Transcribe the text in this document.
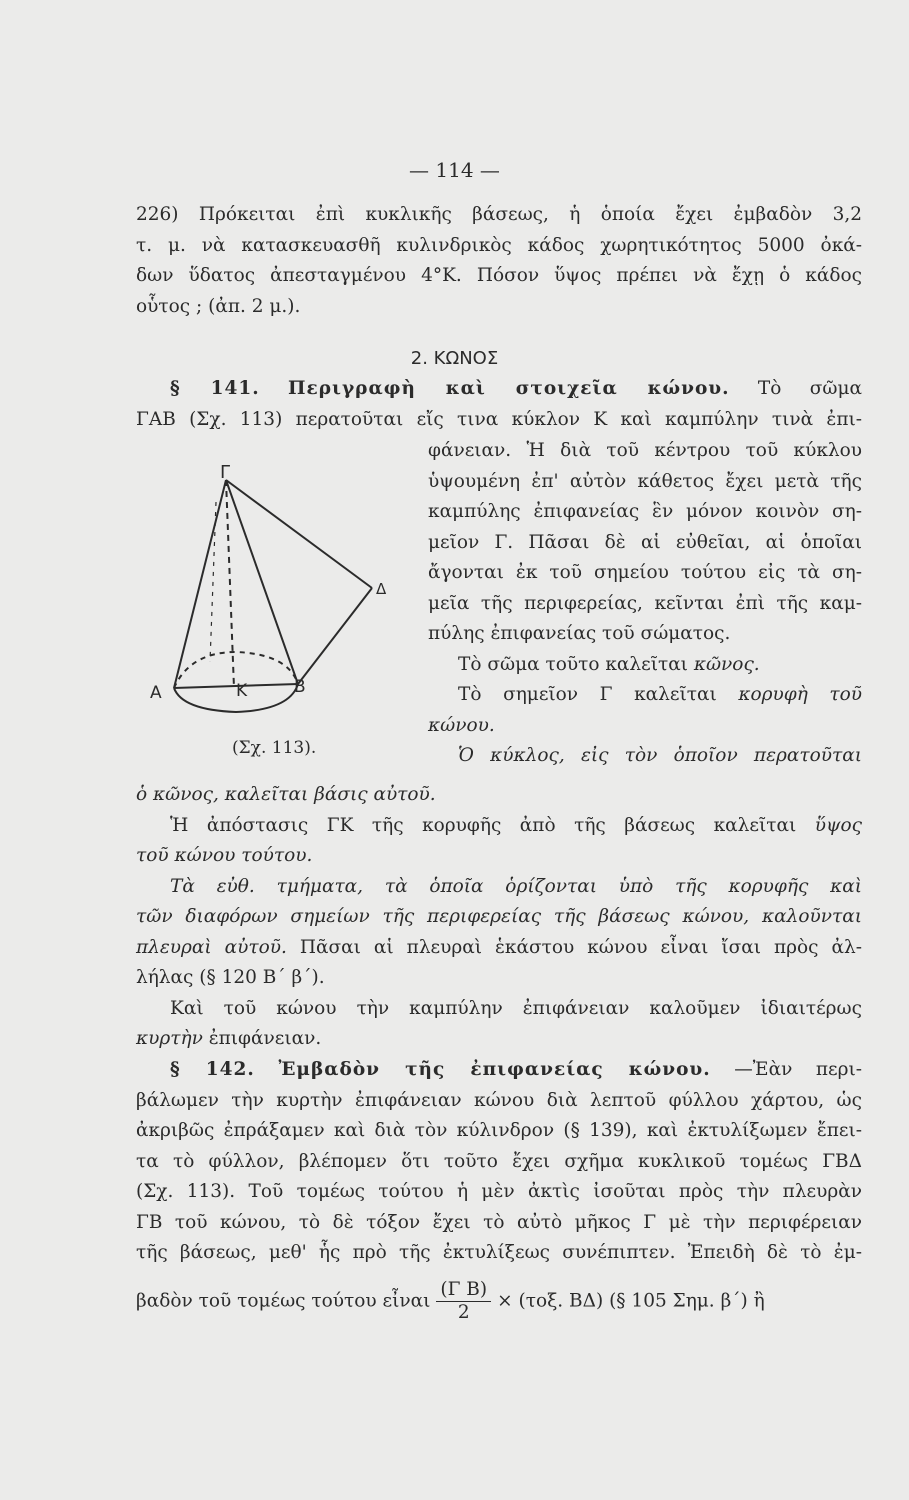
— 114 —
226) Πρόκειται ἐπὶ κυκλικῆς βάσεως, ἡ ὁποία ἔχει ἐμβαδὸν 3,2
τ. μ. νὰ κατασκευασθῆ κυλινδρικὸς κάδος χωρητικότητος 5000 ὀκά-
δων ὕδατος ἀπεσταγμένου 4°Κ. Πόσον ὕψος πρέπει νὰ ἔχῃ ὁ κάδος
οὗτος ; (ἀπ. 2 μ.).
2. ΚΩΝΟΣ
§ 141. Περιγραφὴ καὶ στοιχεῖα κώνου. Τὸ σῶμα
ΓΑΒ (Σχ. 113) περατοῦται εἴς τινα κύκλον Κ καὶ καμπύλην τινὰ ἐπι-
φάνειαν. Ἡ διὰ τοῦ κέντρου τοῦ κύκλου
ὑψουμένη ἐπ' αὐτὸν κάθετος ἔχει μετὰ τῆς
καμπύλης ἐπιφανείας ἓν μόνον κοινὸν ση-
μεῖον Γ. Πᾶσαι δὲ αἱ εὐθεῖαι, αἱ ὁποῖαι
ἄγονται ἐκ τοῦ σημείου τούτου εἰς τὰ ση-
μεῖα τῆς περιφερείας, κεῖνται ἐπὶ τῆς καμ-
πύλης ἐπιφανείας τοῦ σώματος.
Τὸ σῶμα τοῦτο καλεῖται κῶνος.
Τὸ σημεῖον Γ καλεῖται κορυφὴ τοῦ
κώνου.
Ὁ κύκλος, εἰς τὸν ὁποῖον περατοῦται
Γ
Α	Κ	Β
Δ
(Σχ. 113).
ὁ κῶνος, καλεῖται βάσις αὐτοῦ.
Ἡ ἀπόστασις ΓΚ τῆς κορυφῆς ἀπὸ τῆς βάσεως καλεῖται ὕψος
τοῦ κώνου τούτου.
Τὰ εὐθ. τμήματα, τὰ ὁποῖα ὁρίζονται ὑπὸ τῆς κορυφῆς καὶ
τῶν διαφόρων σημείων τῆς περιφερείας τῆς βάσεως κώνου, καλοῦνται
πλευραὶ αὐτοῦ. Πᾶσαι αἱ πλευραὶ ἑκάστου κώνου εἶναι ἴσαι πρὸς ἀλ-
λήλας (§ 120 Β΄ β΄).
Καὶ τοῦ κώνου τὴν καμπύλην ἐπιφάνειαν καλοῦμεν ἰδιαιτέρως
κυρτὴν ἐπιφάνειαν.
§ 142. Ἐμβαδὸν τῆς ἐπιφανείας κώνου. —Ἐὰν περι-
βάλωμεν τὴν κυρτὴν ἐπιφάνειαν κώνου διὰ λεπτοῦ φύλλου χάρτου, ὡς
ἀκριβῶς ἐπράξαμεν καὶ διὰ τὸν κύλινδρον (§ 139), καὶ ἐκτυλίξωμεν ἔπει-
τα τὸ φύλλον, βλέπομεν ὅτι τοῦτο ἔχει σχῆμα κυκλικοῦ τομέως ΓΒΔ
(Σχ. 113). Τοῦ τομέως τούτου ἡ μὲν ἀκτὶς ἰσοῦται πρὸς τὴν πλευρὰν
ΓΒ τοῦ κώνου, τὸ δὲ τόξον ἔχει τὸ αὐτὸ μῆκος Γ μὲ τὴν περιφέρειαν
τῆς βάσεως, μεθ' ἧς πρὸ τῆς ἐκτυλίξεως συνέπιπτεν. Ἐπειδὴ δὲ τὸ ἐμ-
βαδὸν τοῦ τομέως τούτου εἶναι $\frac{\text{(Γ Β)}}{2} \times (\tau o\xi$. ΒΔ) (§ 105 Σημ. β΄) ἢ
